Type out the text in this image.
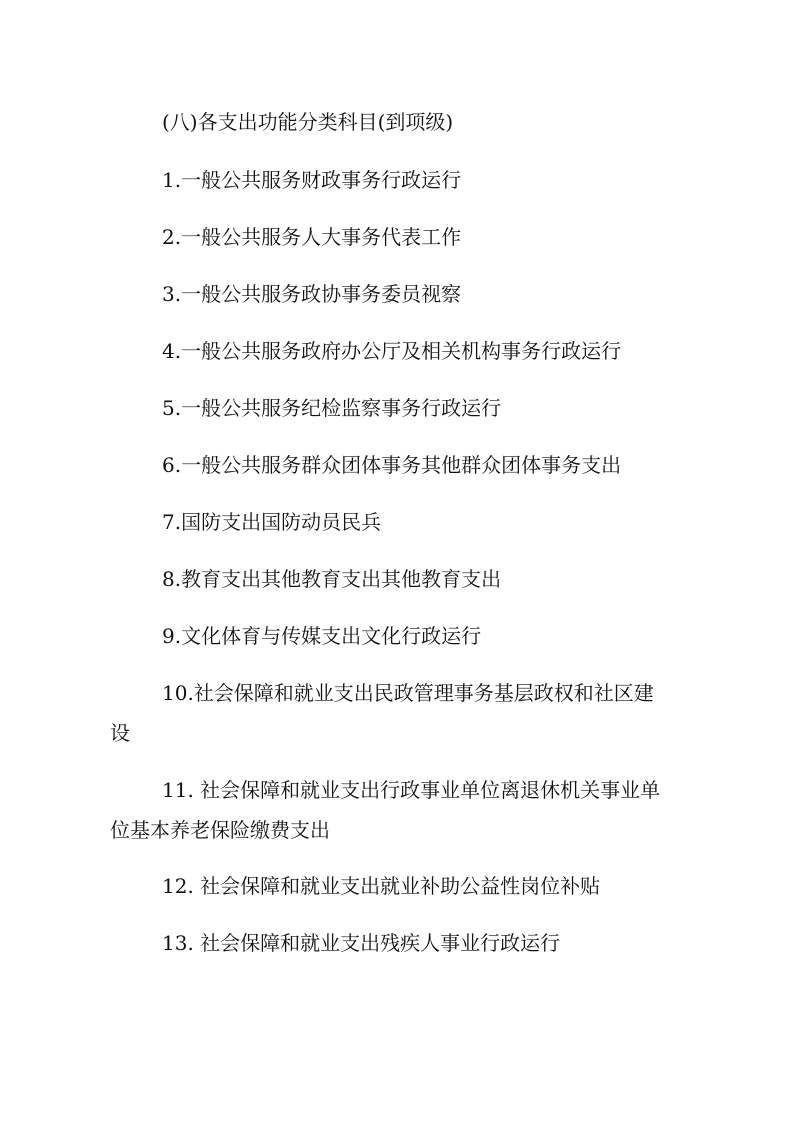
(八)各支出功能分类科目(到项级)

1.一般公共服务财政事务行政运行

2.一般公共服务人大事务代表工作

3.一般公共服务政协事务委员视察

4.一般公共服务政府办公厅及相关机构事务行政运行

5.一般公共服务纪检监察事务行政运行

6.一般公共服务群众团体事务其他群众团体事务支出

7.国防支出国防动员民兵

8.教育支出其他教育支出其他教育支出

9.文化体育与传媒支出文化行政运行

10.社会保障和就业支出民政管理事务基层政权和社区建设

11. 社会保障和就业支出行政事业单位离退休机关事业单位基本养老保险缴费支出

12. 社会保障和就业支出就业补助公益性岗位补贴

13. 社会保障和就业支出残疾人事业行政运行
